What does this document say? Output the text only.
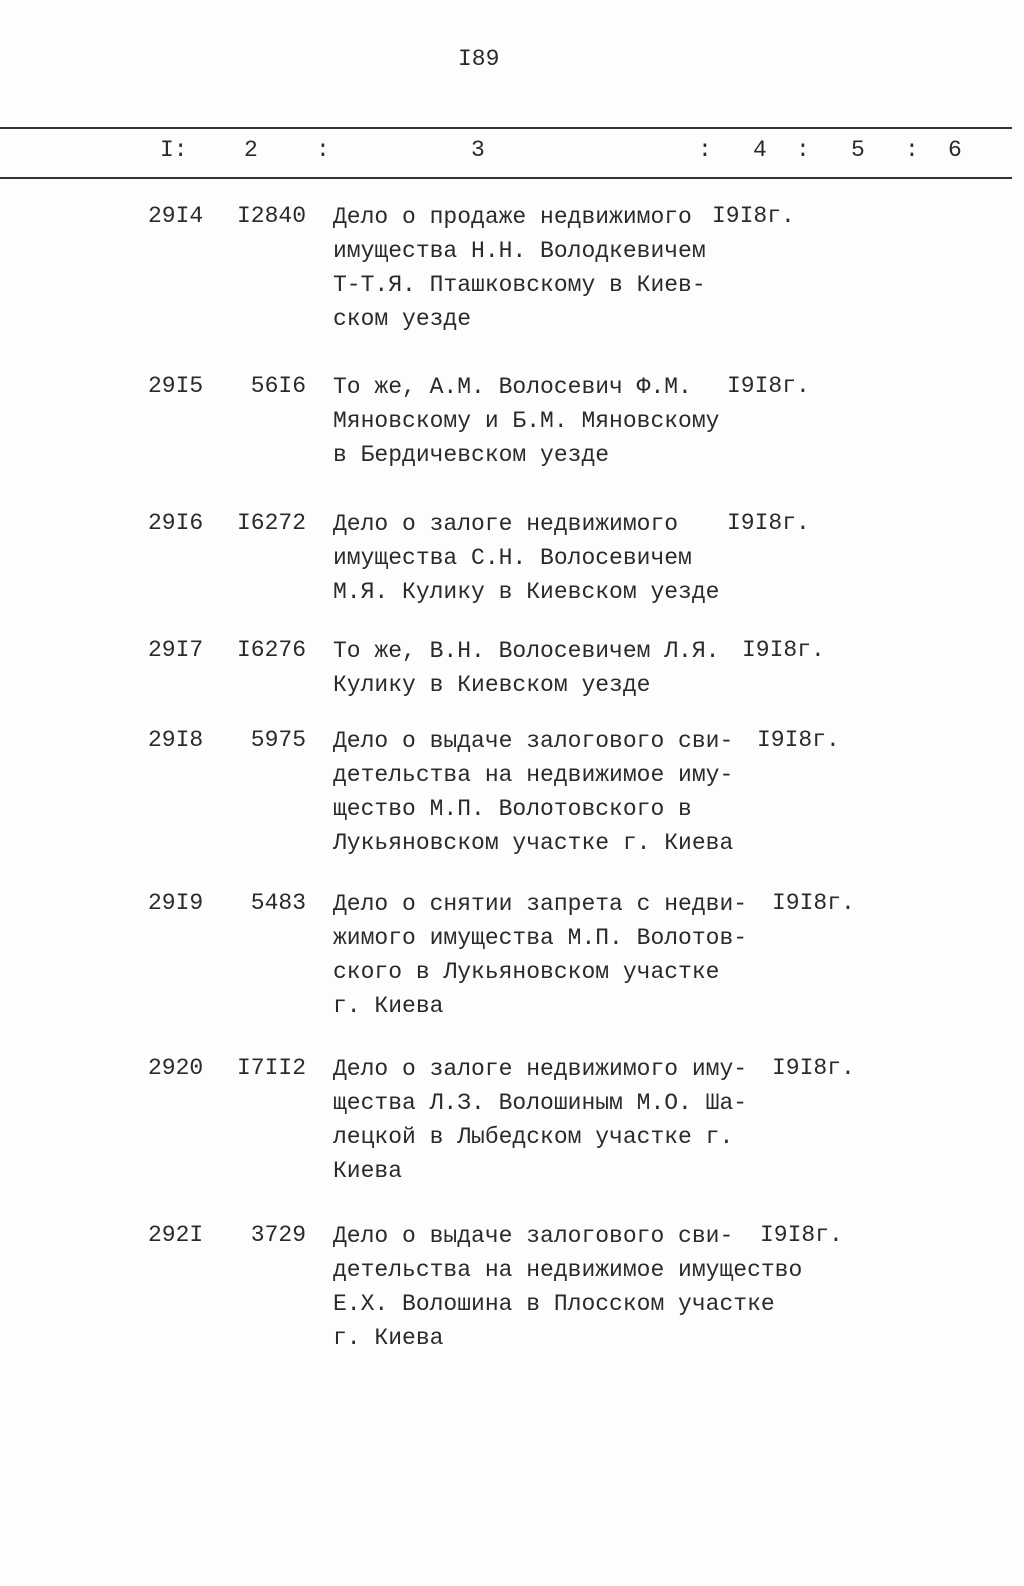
I89
I: 2	:	3	: 4 : 5 : 6
29I4 I2840 Дело о продаже недвижимого
имущества Н.Н. Володкевичем
Т-Т.Я. Пташковскому в Киев-
ском уезде
I9I8г.
29I5 56I6 То же, А.М. Волосевич Ф.М.
Мяновскому и Б.М. Мяновскому
в Бердичевском уезде
I9I8г.
29I6 I6272 Дело о залоге недвижимого
имущества С.Н. Волосевичем
М.Я. Кулику в Киевском уезде
I9I8г.
29I7 I6276 То же, В.Н. Волосевичем Л.Я.
Кулику в Киевском уезде
I9I8г.
29I8 5975 Дело о выдаче залогового сви-
детельства на недвижимое иму-
щество М.П. Волотовского в
Лукьяновском участке г. Киева
I9I8г.
29I9 5483 Дело о снятии запрета с недви-
жимого имущества М.П. Волотов-
ского в Лукьяновском участке
г. Киева
I9I8г.
2920 I7II2 Дело о залоге недвижимого иму-
щества Л.З. Волошиным М.О. Ша-
лецкой в Лыбедском участке г.
Киева
I9I8г.
292I 3729 Дело о выдаче залогового сви-
детельства на недвижимое имущество
Е.Х. Волошина в Плосском участке
г. Киева
I9I8г.
